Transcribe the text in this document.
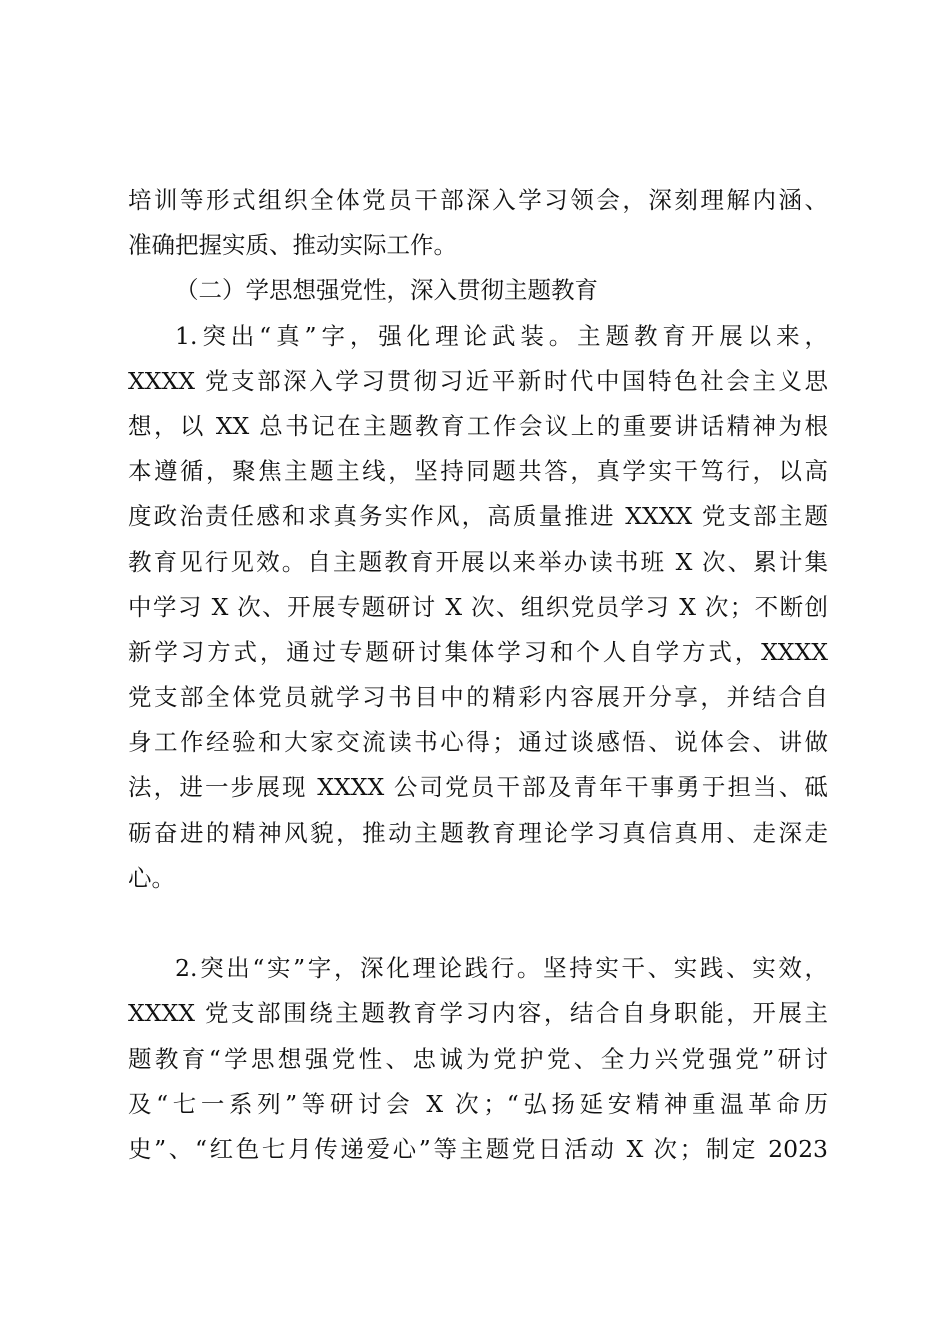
培训等形式组织全体党员干部深入学习领会，深刻理解内涵、
准确把握实质、推动实际工作。
（二）学思想强党性，深入贯彻主题教育
1.突出“真”字，强化理论武装。主题教育开展以来，
XXXX 党支部深入学习贯彻习近平新时代中国特色社会主义思
想，以 XX 总书记在主题教育工作会议上的重要讲话精神为根
本遵循，聚焦主题主线，坚持同题共答，真学实干笃行，以高
度政治责任感和求真务实作风，高质量推进 XXXX 党支部主题
教育见行见效。自主题教育开展以来举办读书班 X 次、累计集
中学习 X 次、开展专题研讨 X 次、组织党员学习 X 次；不断创
新学习方式，通过专题研讨集体学习和个人自学方式，XXXX
党支部全体党员就学习书目中的精彩内容展开分享，并结合自
身工作经验和大家交流读书心得；通过谈感悟、说体会、讲做
法，进一步展现 XXXX 公司党员干部及青年干事勇于担当、砥
砺奋进的精神风貌，推动主题教育理论学习真信真用、走深走
心。
2.突出“实”字，深化理论践行。坚持实干、实践、实效，
XXXX 党支部围绕主题教育学习内容，结合自身职能，开展主
题教育“学思想强党性、忠诚为党护党、全力兴党强党”研讨
及“七一系列”等研讨会 X 次；“弘扬延安精神重温革命历
史”、“红色七月传递爱心”等主题党日活动 X 次；制定 2023
